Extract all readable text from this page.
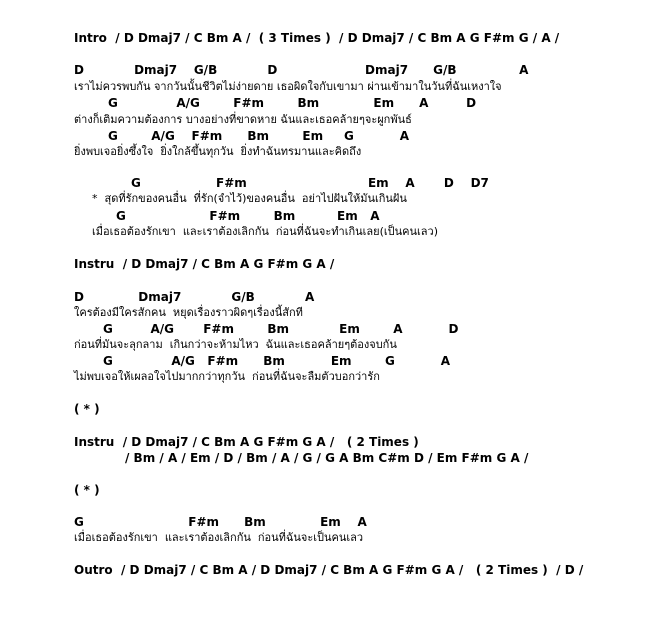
Intro  / D Dmaj7 / C Bm A /  ( 3 Times )  / D Dmaj7 / C Bm A G F#m G / A /
D            Dmaj7    G/B            D                     Dmaj7      G/B               A
เราไม่ควรพบกัน จากวันนั้นชีวิตไม่ง่ายดาย เธอผิดใจกับเขามา ผ่านเข้ามาในวันที่ฉันเหงาใจ
G              A/G        F#m        Bm             Em      A         D
ต่างก็เติมความต้องการ บางอย่างที่ขาดหาย ฉันและเธอคล้ายๆจะผูกพันธ์
G        A/G    F#m      Bm        Em     G           A
ยิ่งพบเจอยิ่งซึ้งใจ  ยิ่งใกล้ขึ้นทุกวัน  ยิ่งทำฉันทรมานและคิดถึง
G                  F#m                             Em    A       D    D7
*  สุดที่รักของคนอื่น  ที่รัก(จำไว้)ของคนอื่น  อย่าไปฝันให้มันเกินฝัน
G                    F#m        Bm          Em   A
เมื่อเธอต้องรักเขา  และเราต้องเลิกกัน  ก่อนที่ฉันจะทำเกินเลย(เป็นคนเลว)
Instru  / D Dmaj7 / C Bm A G F#m G A /
D             Dmaj7            G/B            A
ใครต้องมีใครสักคน  หยุดเรื่องราวผิดๆเรื่องนี้สักที
G         A/G       F#m        Bm            Em        A           D
ก่อนที่มันจะลุกลาม  เกินกว่าจะห้ามไหว  ฉันและเธอคล้ายๆต้องจบกัน
G              A/G   F#m      Bm           Em        G           A
ไม่พบเจอให้เผลอใจไปมากกว่าทุกวัน  ก่อนที่ฉันจะลืมตัวบอกว่ารัก
( * )
Instru  / D Dmaj7 / C Bm A G F#m G A /   ( 2 Times )
/ Bm / A / Em / D / Bm / A / G / G A Bm C#m D / Em F#m G A /
( * )
G                         F#m      Bm             Em    A
เมื่อเธอต้องรักเขา  และเราต้องเลิกกัน  ก่อนที่ฉันจะเป็นคนเลว
Outro  / D Dmaj7 / C Bm A / D Dmaj7 / C Bm A G F#m G A /   ( 2 Times )  / D /
